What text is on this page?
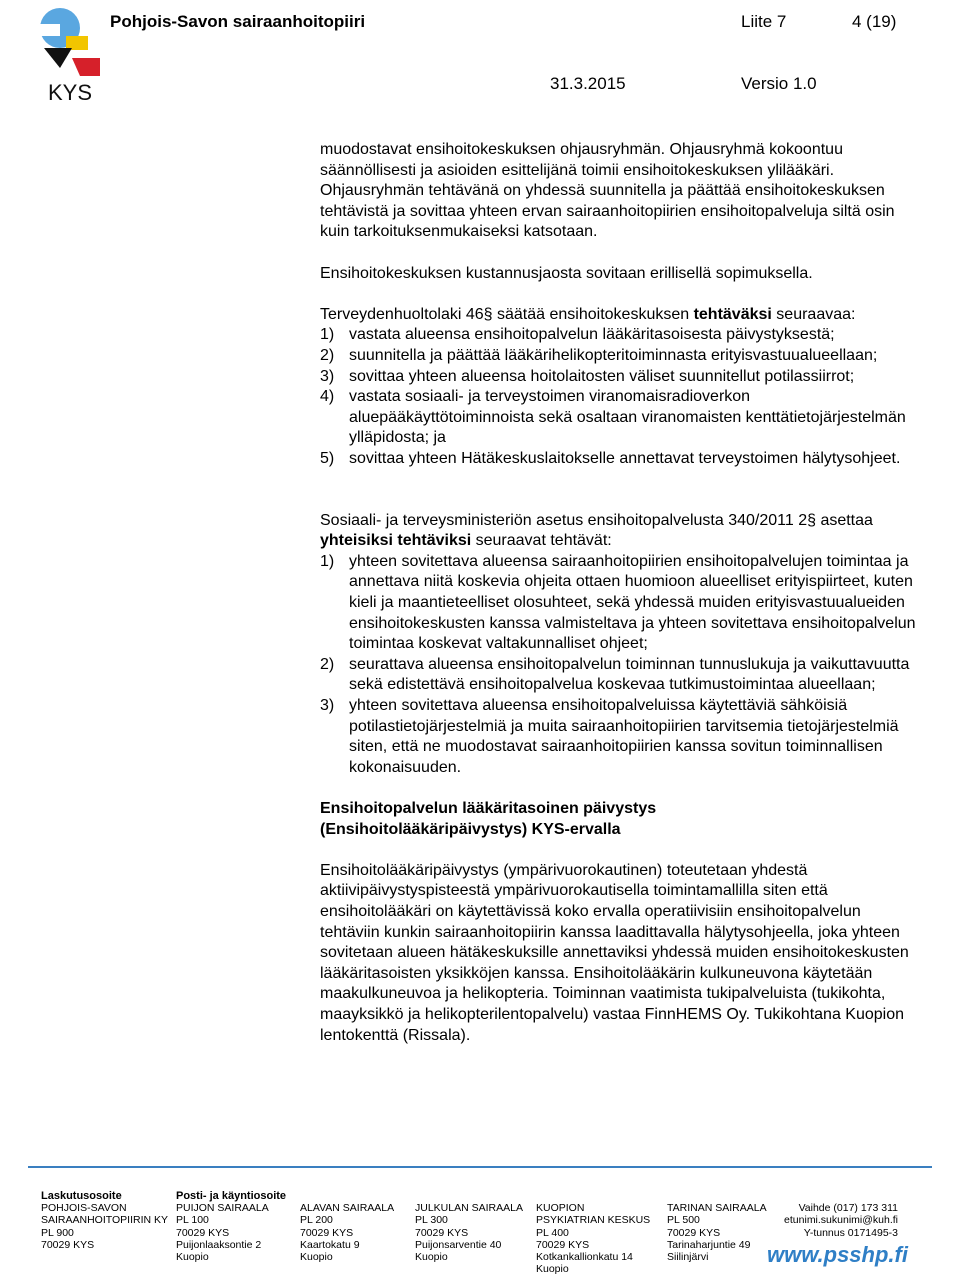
KYS
Pohjois-Savon sairaanhoitopiiri	Liite 7	4 (19)
31.3.2015	Versio 1.0

muodostavat ensihoitokeskuksen ohjausryhmän. Ohjausryhmä kokoontuu säännöllisesti ja asioiden esittelijänä toimii ensihoitokeskuksen ylilääkäri. Ohjausryhmän tehtävänä on yhdessä suunnitella ja päättää ensihoitokeskuksen tehtävistä ja sovittaa yhteen ervan sairaanhoitopiirien ensihoitopalveluja siltä osin kuin tarkoituksenmukaiseksi katsotaan.

Ensihoitokeskuksen kustannusjaosta sovitaan erillisellä sopimuksella.

Terveydenhuoltolaki 46§ säätää ensihoitokeskuksen tehtäväksi seuraavaa:

1) vastata alueensa ensihoitopalvelun lääkäritasoisesta päivystyksestä;
2) suunnitella ja päättää lääkärihelikopteritoiminnasta erityisvastuualueellaan;
3) sovittaa yhteen alueensa hoitolaitosten väliset suunnitellut potilassiirrot;
4) vastata sosiaali- ja terveystoimen viranomaisradioverkon aluepääkäyttötoiminnoista sekä osaltaan viranomaisten kenttätietojärjestelmän ylläpidosta; ja
5) sovittaa yhteen Hätäkeskuslaitokselle annettavat terveystoimen hälytysohjeet.

Sosiaali- ja terveysministeriön asetus ensihoitopalvelusta 340/2011 2§ asettaa yhteisiksi tehtäviksi seuraavat tehtävät:

1) yhteen sovitettava alueensa sairaanhoitopiirien ensihoitopalvelujen toimintaa ja annettava niitä koskevia ohjeita ottaen huomioon alueelliset erityispiirteet, kuten kieli ja maantieteelliset olosuhteet, sekä yhdessä muiden erityisvastuualueiden ensihoitokeskusten kanssa valmisteltava ja yhteen sovitettava ensihoitopalvelun toimintaa koskevat valtakunnalliset ohjeet;
2) seurattava alueensa ensihoitopalvelun toiminnan tunnuslukuja ja vaikuttavuutta sekä edistettävä ensihoitopalvelua koskevaa tutkimustoimintaa alueellaan;
3) yhteen sovitettava alueensa ensihoitopalveluissa käytettäviä sähköisiä potilastietojärjestelmiä ja muita sairaanhoitopiirien tarvitsemia tietojärjestelmiä siten, että ne muodostavat sairaanhoitopiirien kanssa sovitun toiminnallisen kokonaisuuden.

Ensihoitopalvelun lääkäritasoinen päivystys
(Ensihoitolääkäripäivystys) KYS-ervalla

Ensihoitolääkäripäivystys (ympärivuorokautinen) toteutetaan yhdestä aktiivipäivystyspisteestä ympärivuorokautisella toimintamallilla siten että ensihoitolääkäri on käytettävissä koko ervalla operatiivisiin ensihoitopalvelun tehtäviin kunkin sairaanhoitopiirin kanssa laadittavalla hälytysohjeella, joka yhteen sovitetaan alueen hätäkeskuksille annettaviksi yhdessä muiden ensihoitokeskusten lääkäritasoisten yksikköjen kanssa. Ensihoitolääkärin kulkuneuvona käytetään maakulkuneuvoa ja helikopteria. Toiminnan vaatimista tukipalveluista (tukikohta, maayksikkö ja helikopterilentopalvelu) vastaa FinnHEMS Oy. Tukikohtana Kuopion lentokenttä (Rissala).

Laskutusosoite
POHJOIS-SAVON
SAIRAANHOITOPIIRIN KY
PL 900
70029 KYS
Posti- ja käyntiosoite
PUIJON SAIRAALA
PL 100
70029 KYS
Puijonlaaksontie 2
Kuopio

ALAVAN SAIRAALA
PL 200
70029 KYS
Kaartokatu 9
Kuopio

JULKULAN SAIRAALA
PL 300
70029 KYS
Puijonsarventie 40
Kuopio

KUOPION
PSYKIATRIAN KESKUS
PL 400
70029 KYS
Kotkankallionkatu 14
Kuopio

TARINAN SAIRAALA
PL 500
70029 KYS
Tarinaharjuntie 49
Siilinjärvi

Vaihde (017) 173 311
etunimi.sukunimi@kuh.fi
Y-tunnus 0171495-3
www.psshp.fi
